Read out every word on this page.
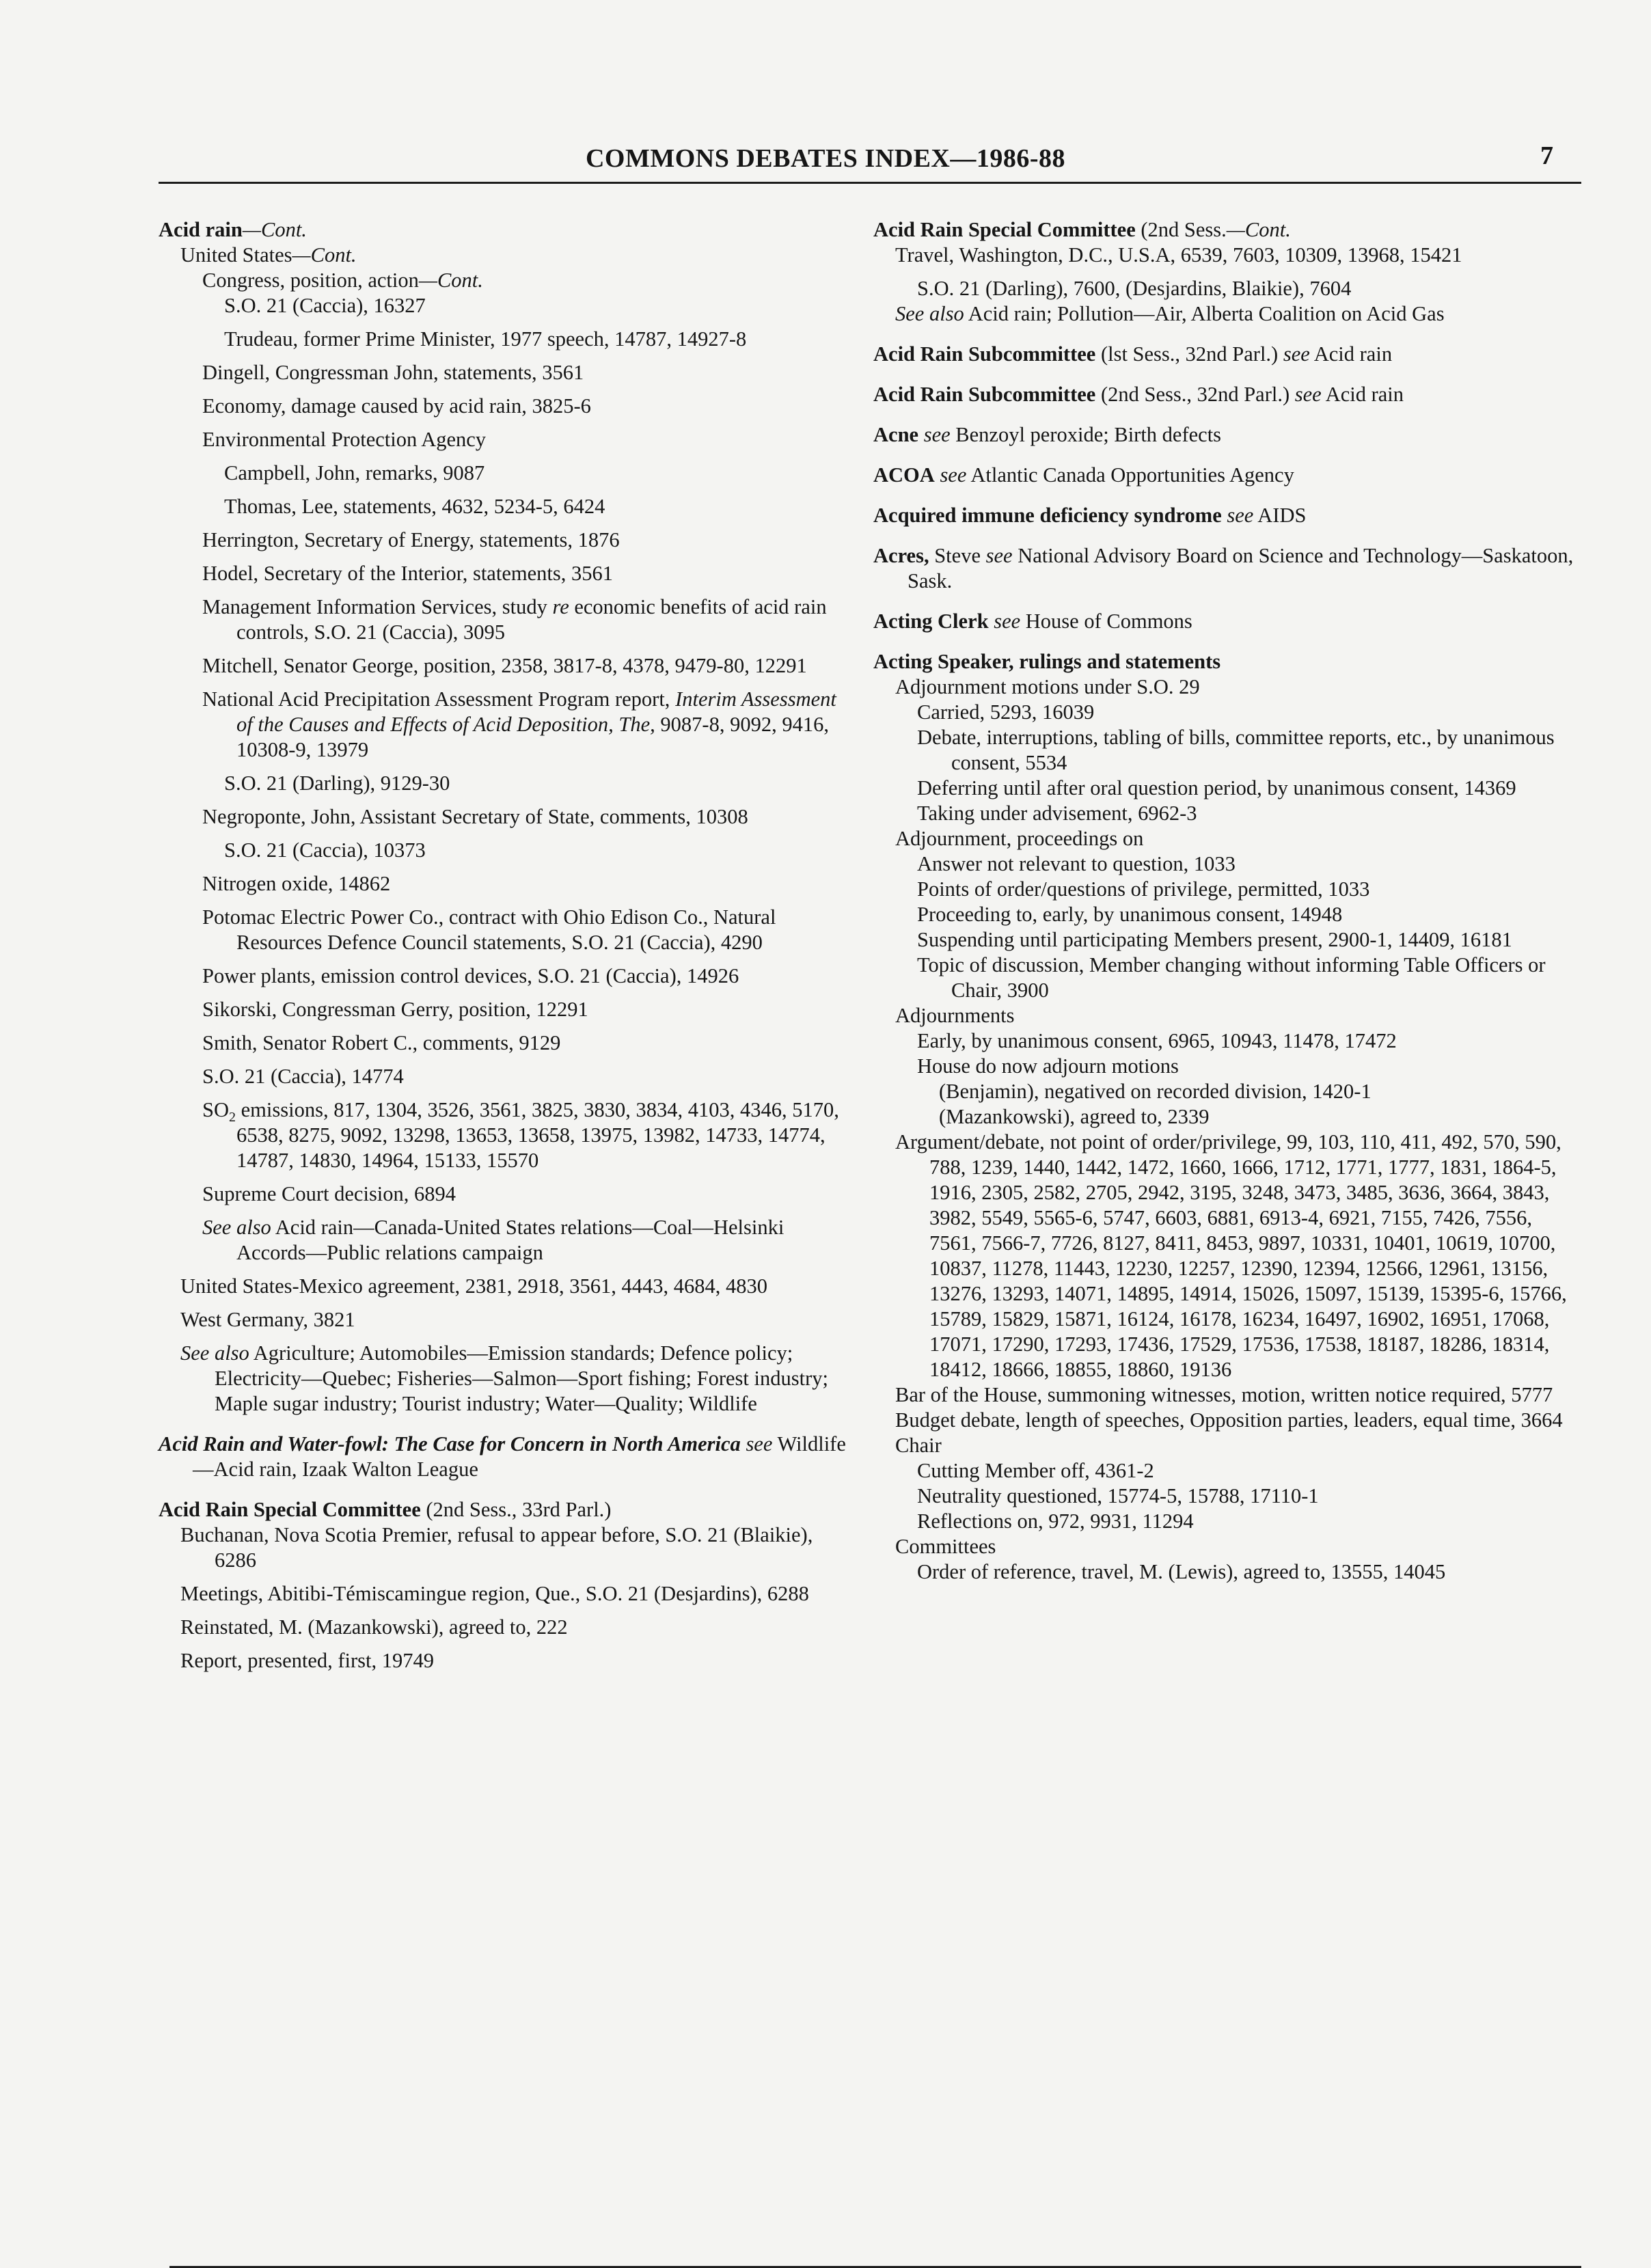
COMMONS DEBATES INDEX—1986-88	7
Acid rain—Cont.
United States—Cont.
Congress, position, action—Cont.
S.O. 21 (Caccia), 16327
Trudeau, former Prime Minister, 1977 speech, 14787, 14927-8
Dingell, Congressman John, statements, 3561
Economy, damage caused by acid rain, 3825-6
Environmental Protection Agency
Campbell, John, remarks, 9087
Thomas, Lee, statements, 4632, 5234-5, 6424
Herrington, Secretary of Energy, statements, 1876
Hodel, Secretary of the Interior, statements, 3561
Management Information Services, study re economic benefits of acid rain controls, S.O. 21 (Caccia), 3095
Mitchell, Senator George, position, 2358, 3817-8, 4378, 9479-80, 12291
National Acid Precipitation Assessment Program report, Interim Assessment of the Causes and Effects of Acid Deposition, The, 9087-8, 9092, 9416, 10308-9, 13979
S.O. 21 (Darling), 9129-30
Negroponte, John, Assistant Secretary of State, comments, 10308
S.O. 21 (Caccia), 10373
Nitrogen oxide, 14862
Potomac Electric Power Co., contract with Ohio Edison Co., Natural Resources Defence Council statements, S.O. 21 (Caccia), 4290
Power plants, emission control devices, S.O. 21 (Caccia), 14926
Sikorski, Congressman Gerry, position, 12291
Smith, Senator Robert C., comments, 9129
S.O. 21 (Caccia), 14774
$SO_2$ emissions, 817, 1304, 3526, 3561, 3825, 3830, 3834, 4103, 4346, 5170, 6538, 8275, 9092, 13298, 13653, 13658, 13975, 13982, 14733, 14774, 14787, 14830, 14964, 15133, 15570
Supreme Court decision, 6894
See also Acid rain—Canada-United States relations—Coal—Helsinki Accords—Public relations campaign
United States-Mexico agreement, 2381, 2918, 3561, 4443, 4684, 4830
West Germany, 3821
See also Agriculture; Automobiles—Emission standards; Defence policy; Electricity—Quebec; Fisheries—Salmon—Sport fishing; Forest industry; Maple sugar industry; Tourist industry; Water—Quality; Wildlife
Acid Rain and Water-fowl: The Case for Concern in North America see Wildlife—Acid rain, Izaak Walton League
Acid Rain Special Committee (2nd Sess., 33rd Parl.)
Buchanan, Nova Scotia Premier, refusal to appear before, S.O. 21 (Blaikie), 6286
Meetings, Abitibi-Témiscamingue region, Que., S.O. 21 (Desjardins), 6288
Reinstated, M. (Mazankowski), agreed to, 222
Report, presented, first, 19749
Acid Rain Special Committee (2nd Sess.—Cont.
Travel, Washington, D.C., U.S.A, 6539, 7603, 10309, 13968, 15421
S.O. 21 (Darling), 7600, (Desjardins, Blaikie), 7604
See also Acid rain; Pollution—Air, Alberta Coalition on Acid Gas
Acid Rain Subcommittee (lst Sess., 32nd Parl.) see Acid rain
Acid Rain Subcommittee (2nd Sess., 32nd Parl.) see Acid rain
Acne see Benzoyl peroxide; Birth defects
ACOA see Atlantic Canada Opportunities Agency
Acquired immune deficiency syndrome see AIDS
Acres, Steve see National Advisory Board on Science and Technology—Saskatoon, Sask.
Acting Clerk see House of Commons
Acting Speaker, rulings and statements
Adjournment motions under S.O. 29
Carried, 5293, 16039
Debate, interruptions, tabling of bills, committee reports, etc., by unanimous consent, 5534
Deferring until after oral question period, by unanimous consent, 14369
Taking under advisement, 6962-3
Adjournment, proceedings on
Answer not relevant to question, 1033
Points of order/questions of privilege, permitted, 1033
Proceeding to, early, by unanimous consent, 14948
Suspending until participating Members present, 2900-1, 14409, 16181
Topic of discussion, Member changing without informing Table Officers or Chair, 3900
Adjournments
Early, by unanimous consent, 6965, 10943, 11478, 17472
House do now adjourn motions
(Benjamin), negatived on recorded division, 1420-1
(Mazankowski), agreed to, 2339
Argument/debate, not point of order/privilege, 99, 103, 110, 411, 492, 570, 590, 788, 1239, 1440, 1442, 1472, 1660, 1666, 1712, 1771, 1777, 1831, 1864-5, 1916, 2305, 2582, 2705, 2942, 3195, 3248, 3473, 3485, 3636, 3664, 3843, 3982, 5549, 5565-6, 5747, 6603, 6881, 6913-4, 6921, 7155, 7426, 7556, 7561, 7566-7, 7726, 8127, 8411, 8453, 9897, 10331, 10401, 10619, 10700, 10837, 11278, 11443, 12230, 12257, 12390, 12394, 12566, 12961, 13156, 13276, 13293, 14071, 14895, 14914, 15026, 15097, 15139, 15395-6, 15766, 15789, 15829, 15871, 16124, 16178, 16234, 16497, 16902, 16951, 17068, 17071, 17290, 17293, 17436, 17529, 17536, 17538, 18187, 18286, 18314, 18412, 18666, 18855, 18860, 19136
Bar of the House, summoning witnesses, motion, written notice required, 5777
Budget debate, length of speeches, Opposition parties, leaders, equal time, 3664
Chair
Cutting Member off, 4361-2
Neutrality questioned, 15774-5, 15788, 17110-1
Reflections on, 972, 9931, 11294
Committees
Order of reference, travel, M. (Lewis), agreed to, 13555, 14045
